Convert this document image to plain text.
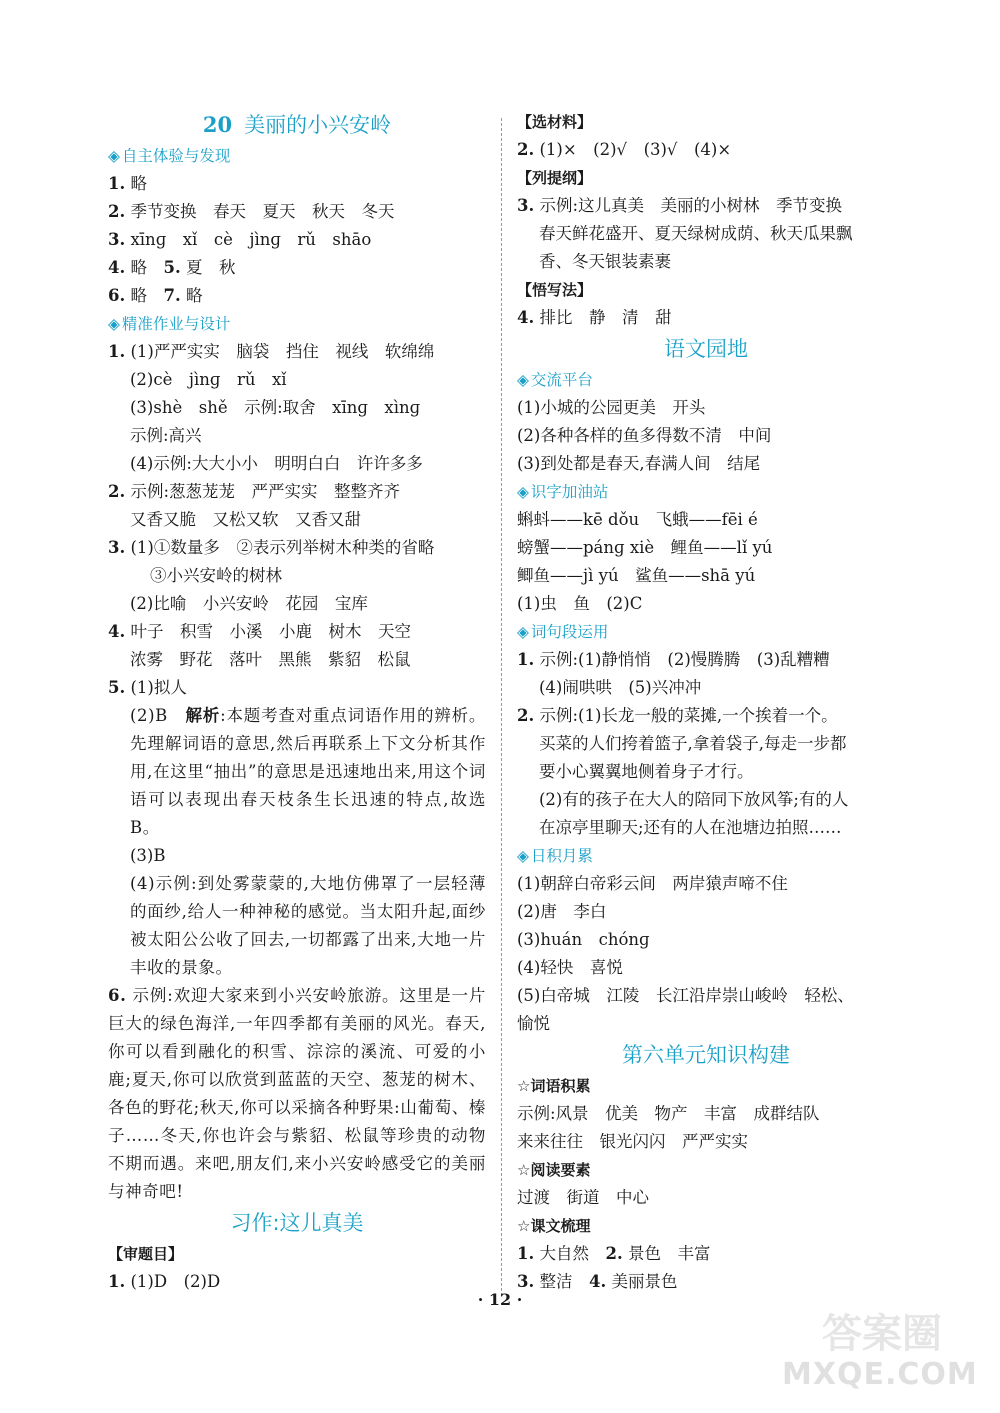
20 美丽的小兴安岭
◈ 自主体验与发现
1. 略
2. 季节变换　春天　夏天　秋天　冬天
3. xīnɡ　xǐ　cè　jìnɡ　rǔ　shāo
4. 略　5. 夏　秋
6. 略　7. 略
◈ 精准作业与设计
1. (1)严严实实　脑袋　挡住　视线　软绵绵
(2)cè　jìnɡ　rǔ　xǐ
(3)shè　shě　示例:取舍　xīnɡ　xìnɡ
示例:高兴
(4)示例:大大小小　明明白白　许许多多
2. 示例:葱葱茏茏　严严实实　整整齐齐
又香又脆　又松又软　又香又甜
3. (1)①数量多　②表示列举树木种类的省略
③小兴安岭的树林
(2)比喻　小兴安岭　花园　宝库
4. 叶子　积雪　小溪　小鹿　树木　天空
浓雾　野花　落叶　黑熊　紫貂　松鼠
5. (1)拟人
(2)B　解析:本题考查对重点词语作用的辨析。先理解词语的意思,然后再联系上下文分析其作用,在这里“抽出”的意思是迅速地出来,用这个词语可以表现出春天枝条生长迅速的特点,故选B。
(3)B
(4)示例:到处雾蒙蒙的,大地仿佛罩了一层轻薄的面纱,给人一种神秘的感觉。当太阳升起,面纱被太阳公公收了回去,一切都露了出来,大地一片丰收的景象。
6. 示例:欢迎大家来到小兴安岭旅游。这里是一片巨大的绿色海洋,一年四季都有美丽的风光。春天,你可以看到融化的积雪、淙淙的溪流、可爱的小鹿;夏天,你可以欣赏到蓝蓝的天空、葱茏的树木、各色的野花;秋天,你可以采摘各种野果:山葡萄、榛子……冬天,你也许会与紫貂、松鼠等珍贵的动物不期而遇。来吧,朋友们,来小兴安岭感受它的美丽与神奇吧!
习作:这儿真美
【审题目】
1. (1)D　(2)D
【选材料】
2. (1)×　(2)√　(3)√　(4)×
【列提纲】
3. 示例:这儿真美　美丽的小树林　季节变换
春天鲜花盛开、夏天绿树成荫、秋天瓜果飘
香、冬天银装素裹
【悟写法】
4. 排比　静　清　甜
语文园地
◈ 交流平台
(1)小城的公园更美　开头
(2)各种各样的鱼多得数不清　中间
(3)到处都是春天,春满人间　结尾
◈ 识字加油站
蝌蚪——kē dǒu　飞蛾——fēi é
螃蟹——pánɡ xiè　鲤鱼——lǐ yú
鲫鱼——jì yú　鲨鱼——shā yú
(1)虫　鱼　(2)C
◈ 词句段运用
1. 示例:(1)静悄悄　(2)慢腾腾　(3)乱糟糟
(4)闹哄哄　(5)兴冲冲
2. 示例:(1)长龙一般的菜摊,一个挨着一个。
买菜的人们挎着篮子,拿着袋子,每走一步都
要小心翼翼地侧着身子才行。
(2)有的孩子在大人的陪同下放风筝;有的人
在凉亭里聊天;还有的人在池塘边拍照……
◈ 日积月累
(1)朝辞白帝彩云间　两岸猿声啼不住
(2)唐　李白
(3)huán　chónɡ
(4)轻快　喜悦
(5)白帝城　江陵　长江沿岸崇山峻岭　轻松、
愉悦
第六单元知识构建
☆词语积累
示例:风景　优美　物产　丰富　成群结队
来来往往　银光闪闪　严严实实
☆阅读要素
过渡　街道　中心
☆课文梳理
1. 大自然　2. 景色　丰富
3. 整洁　4. 美丽景色
· 12 ·
答案圈
MXQE.COM
